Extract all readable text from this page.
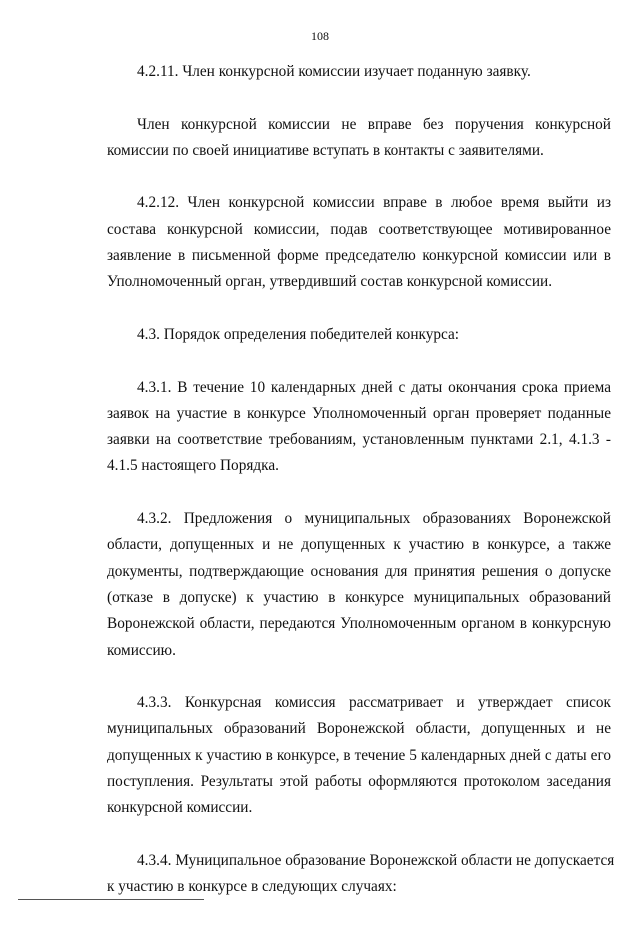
108
4.2.11. Член конкурсной комиссии изучает поданную заявку.
Член конкурсной комиссии не вправе без поручения конкурсной
комиссии по своей инициативе вступать в контакты с заявителями.
4.2.12. Член конкурсной комиссии вправе в любое время выйти из
состава конкурсной комиссии, подав соответствующее мотивированное
заявление в письменной форме председателю конкурсной комиссии или в
Уполномоченный орган, утвердивший состав конкурсной комиссии.
4.3. Порядок определения победителей конкурса:
4.3.1. В течение 10 календарных дней с даты окончания срока приема
заявок на участие в конкурсе Уполномоченный орган проверяет поданные
заявки на соответствие требованиям, установленным пунктами 2.1, 4.1.3 -
4.1.5 настоящего Порядка.
4.3.2. Предложения о муниципальных образованиях Воронежской
области, допущенных и не допущенных к участию в конкурсе, а также
документы, подтверждающие основания для принятия решения о допуске
(отказе в допуске) к участию в конкурсе муниципальных образований
Воронежской области, передаются Уполномоченным органом в конкурсную
комиссию.
4.3.3. Конкурсная комиссия рассматривает и утверждает список
муниципальных образований Воронежской области, допущенных и не
допущенных к участию в конкурсе, в течение 5 календарных дней с даты его
поступления. Результаты этой работы оформляются протоколом заседания
конкурсной комиссии.
4.3.4. Муниципальное образование Воронежской области не допускается
к участию в конкурсе в следующих случаях:
